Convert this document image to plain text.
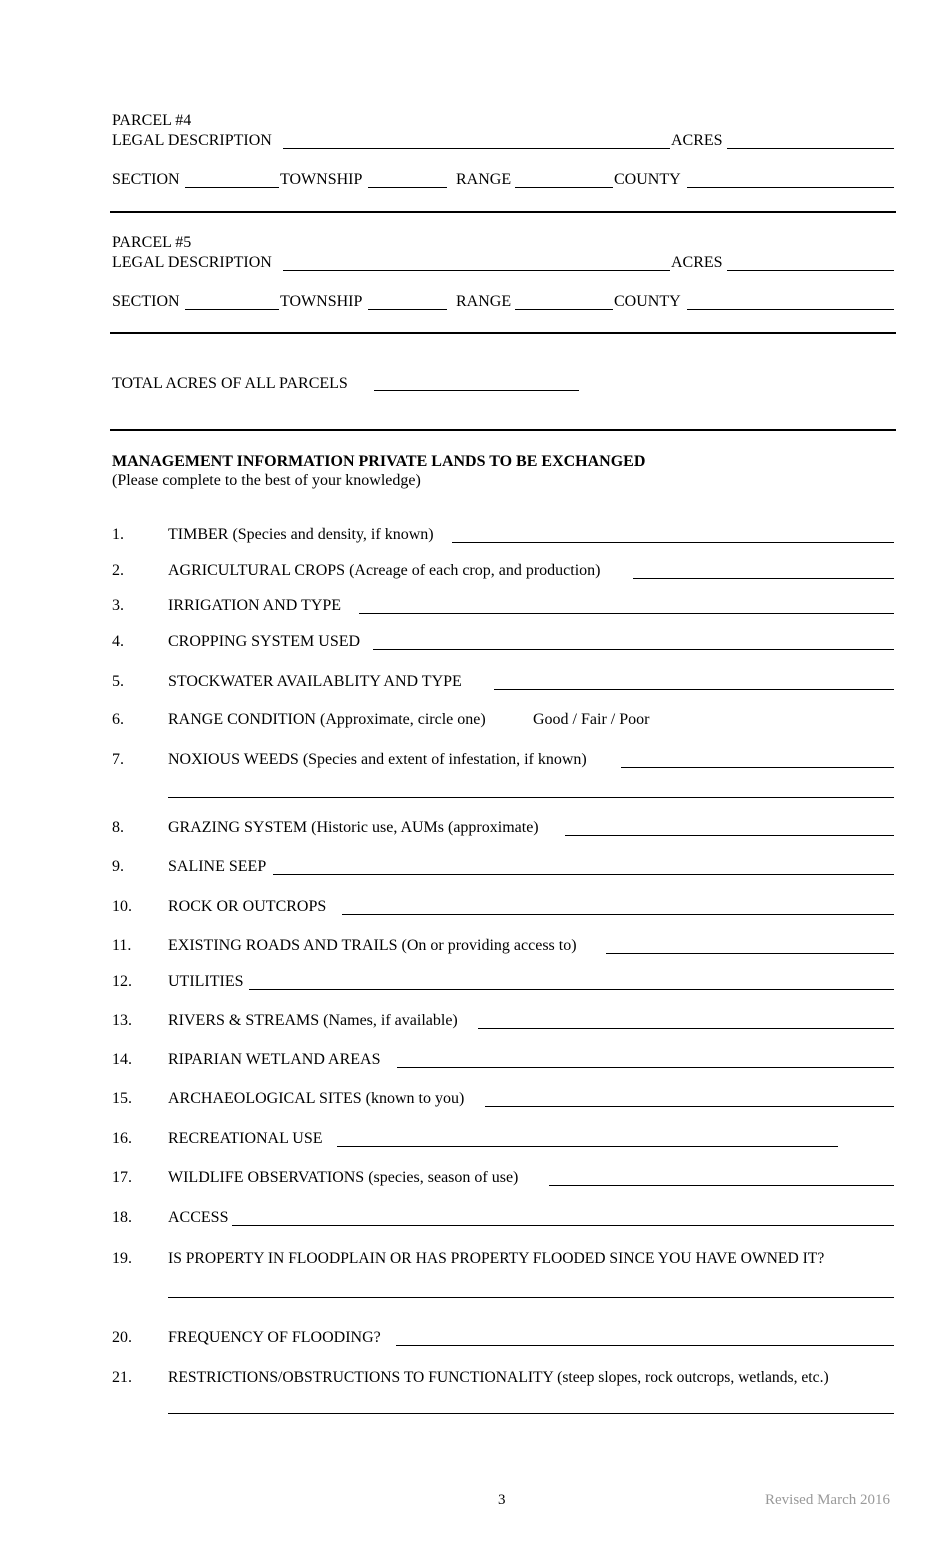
PARCEL #4
LEGAL DESCRIPTION	ACRES
SECTION	TOWNSHIP	RANGE	COUNTY
PARCEL #5
LEGAL DESCRIPTION	ACRES
SECTION	TOWNSHIP	RANGE	COUNTY
TOTAL ACRES OF ALL PARCELS
MANAGEMENT INFORMATION PRIVATE LANDS TO BE EXCHANGED
(Please complete to the best of your knowledge)
1.	TIMBER (Species and density, if known)
2.	AGRICULTURAL CROPS (Acreage of each crop, and production)
3.	IRRIGATION AND TYPE
4.	CROPPING SYSTEM USED
5.	STOCKWATER AVAILABLITY AND TYPE
6.	RANGE CONDITION (Approximate, circle one)	Good / Fair / Poor
7.	NOXIOUS WEEDS (Species and extent of infestation, if known)
8.	GRAZING SYSTEM (Historic use, AUMs (approximate)
9.	SALINE SEEP
10. ROCK OR OUTCROPS
11. EXISTING ROADS AND TRAILS (On or providing access to)
12. UTILITIES
13. RIVERS & STREAMS (Names, if available)
14. RIPARIAN WETLAND AREAS
15. ARCHAEOLOGICAL SITES (known to you)
16. RECREATIONAL USE
17. WILDLIFE OBSERVATIONS (species, season of use)
18. ACCESS
19. IS PROPERTY IN FLOODPLAIN OR HAS PROPERTY FLOODED SINCE YOU HAVE OWNED IT?
20. FREQUENCY OF FLOODING?
21. RESTRICTIONS/OBSTRUCTIONS TO FUNCTIONALITY (steep slopes, rock outcrops, wetlands, etc.)
3	Revised March 2016
